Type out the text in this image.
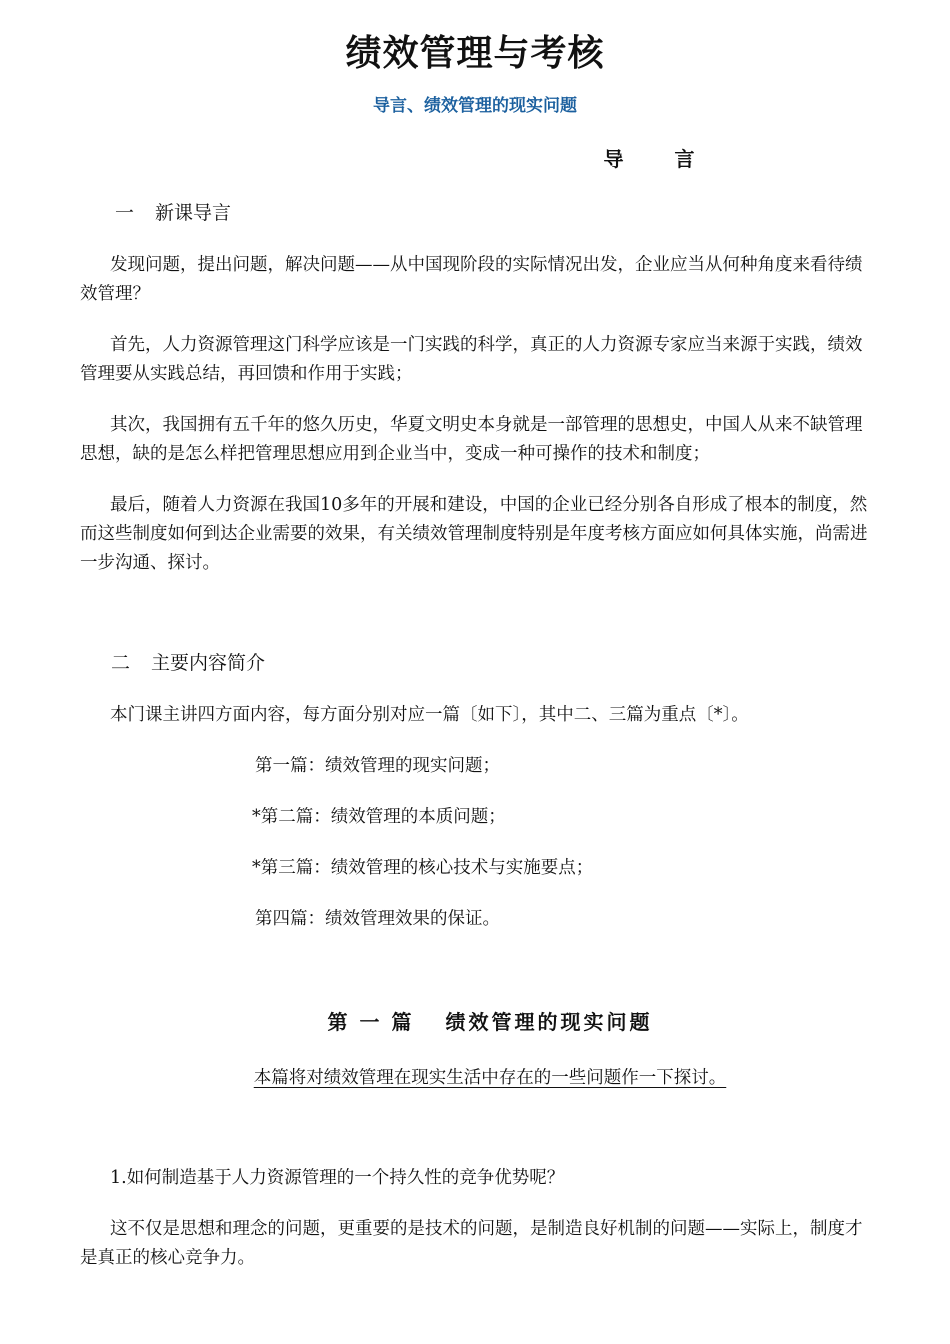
绩效管理与考核
导言、绩效管理的现实问题
导 言
一 新课导言

发现问题，提出问题，解决问题——从中国现阶段的实际情况出发，企业应当从何种角度来看待绩效管理？

首先，人力资源管理这门科学应该是一门实践的科学，真正的人力资源专家应当来源于实践，绩效管理要从实践总结，再回馈和作用于实践；

其次，我国拥有五千年的悠久历史，华夏文明史本身就是一部管理的思想史，中国人从来不缺管理思想，缺的是怎么样把管理思想应用到企业当中，变成一种可操作的技术和制度；

最后，随着人力资源在我国10多年的开展和建设，中国的企业已经分别各自形成了根本的制度，然而这些制度如何到达企业需要的效果，有关绩效管理制度特别是年度考核方面应如何具体实施，尚需进一步沟通、探讨。

二 主要内容简介
本门课主讲四方面内容，每方面分别对应一篇〔如下〕，其中二、三篇为重点〔*〕。
第一篇：绩效管理的现实问题；
*第二篇：绩效管理的本质问题；
*第三篇：绩效管理的核心技术与实施要点；
第四篇：绩效管理效果的保证。
第一篇 绩效管理的现实问题
本篇将对绩效管理在现实生活中存在的一些问题作一下探讨。
1.如何制造基于人力资源管理的一个持久性的竞争优势呢？

这不仅是思想和理念的问题，更重要的是技术的问题，是制造良好机制的问题——实际上，制度才是真正的核心竞争力。
